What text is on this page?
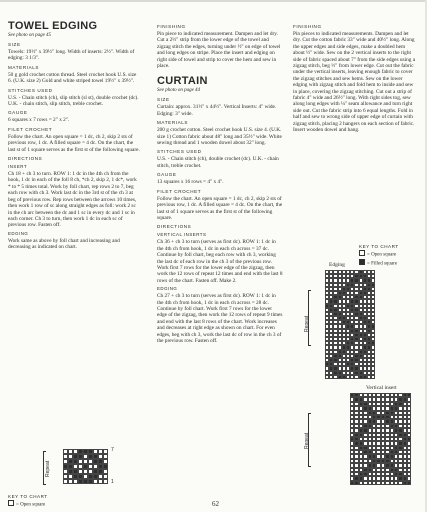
TOWEL EDGING
See photo on page 45
SIZE
Towels: 19½" x 39½" long. Width of inserts: 2½". Width of edging: 3 1/3".
MATERIALS
50 g gold crochet cotton thread. Steel crochet hook U.S. size 6. (U.K. size 2) Gold and white striped towel 19½" x 39½".
STITCHES USED
U.S. - Chain stitch (ch), slip stitch (sl st), double crochet (dc). U.K. - chain stitch, slip stitch, treble crochet.
GAUGE
6 squares x 7 rows = 2" x 2".
FILET CROCHET
Follow the chart. An open square = 1 dc, ch 2, skip 2 sts of previous row, 1 dc. A filled square = 4 dc. On the chart, the last st of 1 square serves as the first st of the following square.
DIRECTIONS
INSERT
Ch 18 + ch 3 to turn. ROW 1: 1 dc in the 4th ch from the hook, 1 dc in each of the foll 8 ch, *ch 2, skip 2, 1 dc*, work * to * 5 times total. Work by foll chart, rep rows 2 to 7, beg each row with ch 3. Work last dc in the 3rd st of the ch 3 at beg of previous row. Rep rows between the arrows 10 times, then work 1 row of sc along straight edges as foll: work 2 sc in the ch arc between the dc and 1 sc in every dc and 1 sc in each corner. Ch 3 to turn, then work 1 dc in each sc of previous row. Fasten off.
EDGING
Work same as above by foll chart and increasing and decreasing as indicated on chart.
Repeat
7
1
KEY TO CHART
= Open square
FINISHING
Pin piece to indicated measurement. Dampen and let dry. Cut a 2½" strip from the lower edge of the towel and zigzag stitch the edges, turning under ½" on edge of towel and long edges on stripe. Place the insert and edging on right side of towel and strip to cover the hem and sew in place.
CURTAIN
See photo on page 44
SIZE
Curtain: approx. 31½" x 44½". Vertical Inserts: 4" wide. Edging: 3" wide.
MATERIALS
200 g crochet cotton. Steel crochet hook U.S. size 4. (U.K. size 1) Cotton fabric about 48" long and 35½" wide. White sewing thread and 1 wooden dowel about 32" long.
STITCHES USED
U.S. - Chain stitch (ch), double crochet (dc). U.K. - chain stitch, treble crochet.
GAUGE
13 squares x 16 rows = 4" x 4".
FILET CROCHET
Follow the chart. An open square = 1 dc, ch 2, skip 2 sts of previous row, 1 dc. A filled square = 4 dc. On the chart, the last st of 1 square serves as the first st of the following square.
DIRECTIONS
VERTICAL INSERTS
Ch 36 + ch 3 to turn (serves as first dc). ROW 1: 1 dc in the 4th ch from hook, 1 dc in each ch across = 37 dc. Continue by foll chart, beg each row with ch 3, working the last dc of each row in the ch 3 of the previous row. Work first 7 rows for the lower edge of the zigzag, then work the 12 rows of repeat 12 times and end with the last 8 rows of the chart. Fasten off. Make 2.
EDGING
Ch 27 + ch 3 to turn (serves as first dc). ROW 1: 1 dc in the 4th ch from hook, 1 dc in each ch across = 28 dc. Continue by foll chart. Work first 7 rows for the lower edge of the zigzag, then work the 12 rows of repeat 9 times and end with the last 8 rows of the chart. Work increases and decreases at right edge as shown on chart. For even edges, beg with ch 3, work the last dc of row in the ch 3 of the previous row. Fasten off.
FINISHING
Pin pieces to indicated measurements. Dampen and let dry. Cut the cotton fabric 33" wide and 40½" long. Along the upper edges and side edges, make a doubled hem about ½" wide. Sew on the 2 vertical inserts to the right side of fabric spaced about 7" from the side edges using a zigzag stitch, beg ½" from lower edge. Cut out the fabric under the vertical inserts, leaving enough fabric to cover the zigzag stitches and sew hems. Sew on the lower edging with zigzag stitch and fold hem to inside and sew in place, covering the zigzag stitching. Cut out a strip of fabric 4" wide and 26½" long. With right sides tog, sew along long edges with ¼" seam allowance and turn right side out. Cut the fabric strip into 6 equal lengths. Fold in half and sew to wrong side of upper edge of curtain with zigzag stitch, placing 2 hangers on each section of fabric. Insert wooden dowel and hang.
KEY TO CHART
= Open square
= Filled square
Edging
Repeat
Vertical insert
Repeat
62
